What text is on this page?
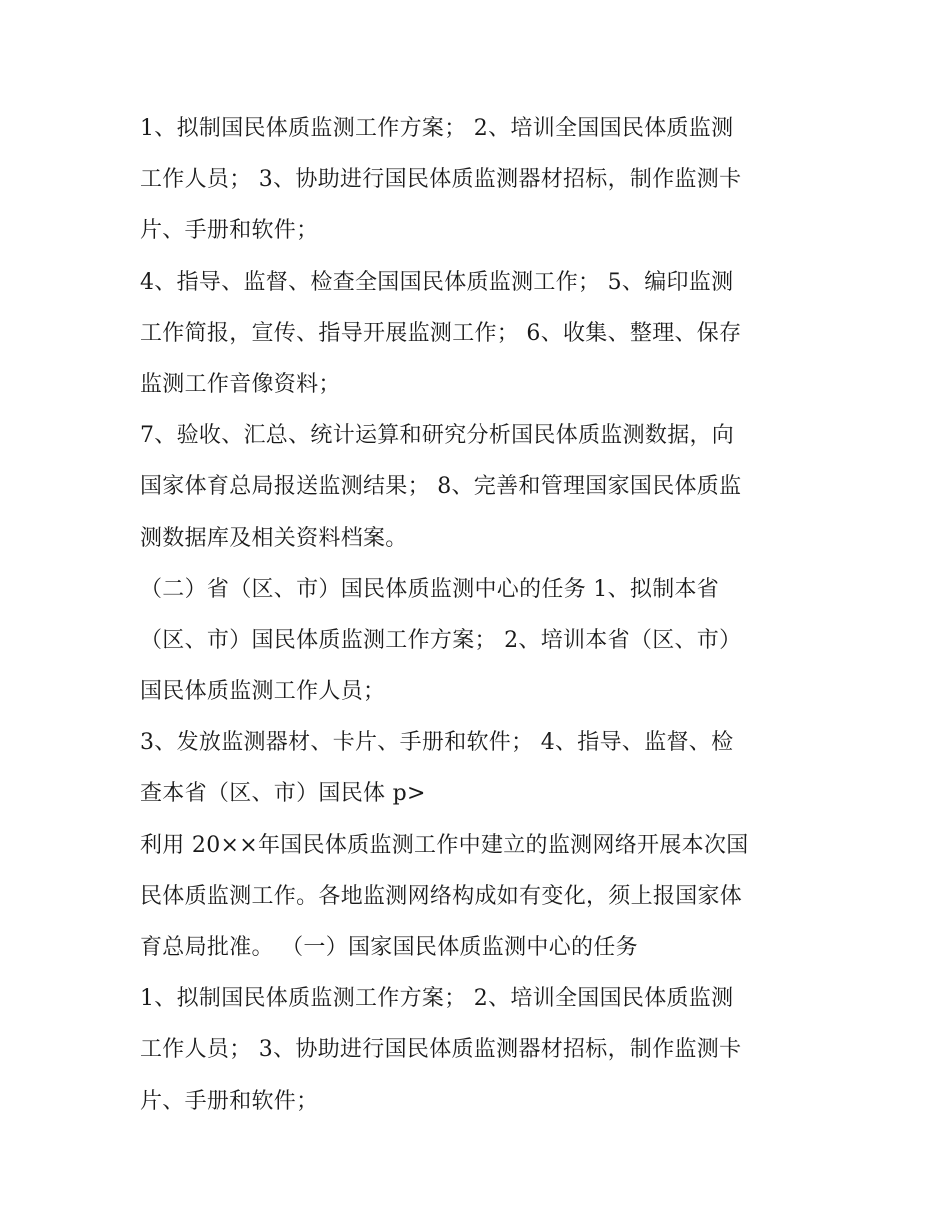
1、拟制国民体质监测工作方案； 2、培训全国国民体质监测
工作人员； 3、协助进行国民体质监测器材招标，制作监测卡
片、手册和软件；
4、指导、监督、检查全国国民体质监测工作； 5、编印监测
工作简报，宣传、指导开展监测工作； 6、收集、整理、保存
监测工作音像资料；
7、验收、汇总、统计运算和研究分析国民体质监测数据，向
国家体育总局报送监测结果； 8、完善和管理国家国民体质监
测数据库及相关资料档案。
（二）省（区、市）国民体质监测中心的任务 1、拟制本省
（区、市）国民体质监测工作方案； 2、培训本省（区、市）
国民体质监测工作人员；
3、发放监测器材、卡片、手册和软件； 4、指导、监督、检
查本省（区、市）国民体 p>
利用 20××年国民体质监测工作中建立的监测网络开展本次国
民体质监测工作。各地监测网络构成如有变化，须上报国家体
育总局批准。 （一）国家国民体质监测中心的任务
1、拟制国民体质监测工作方案； 2、培训全国国民体质监测
工作人员； 3、协助进行国民体质监测器材招标，制作监测卡
片、手册和软件；
